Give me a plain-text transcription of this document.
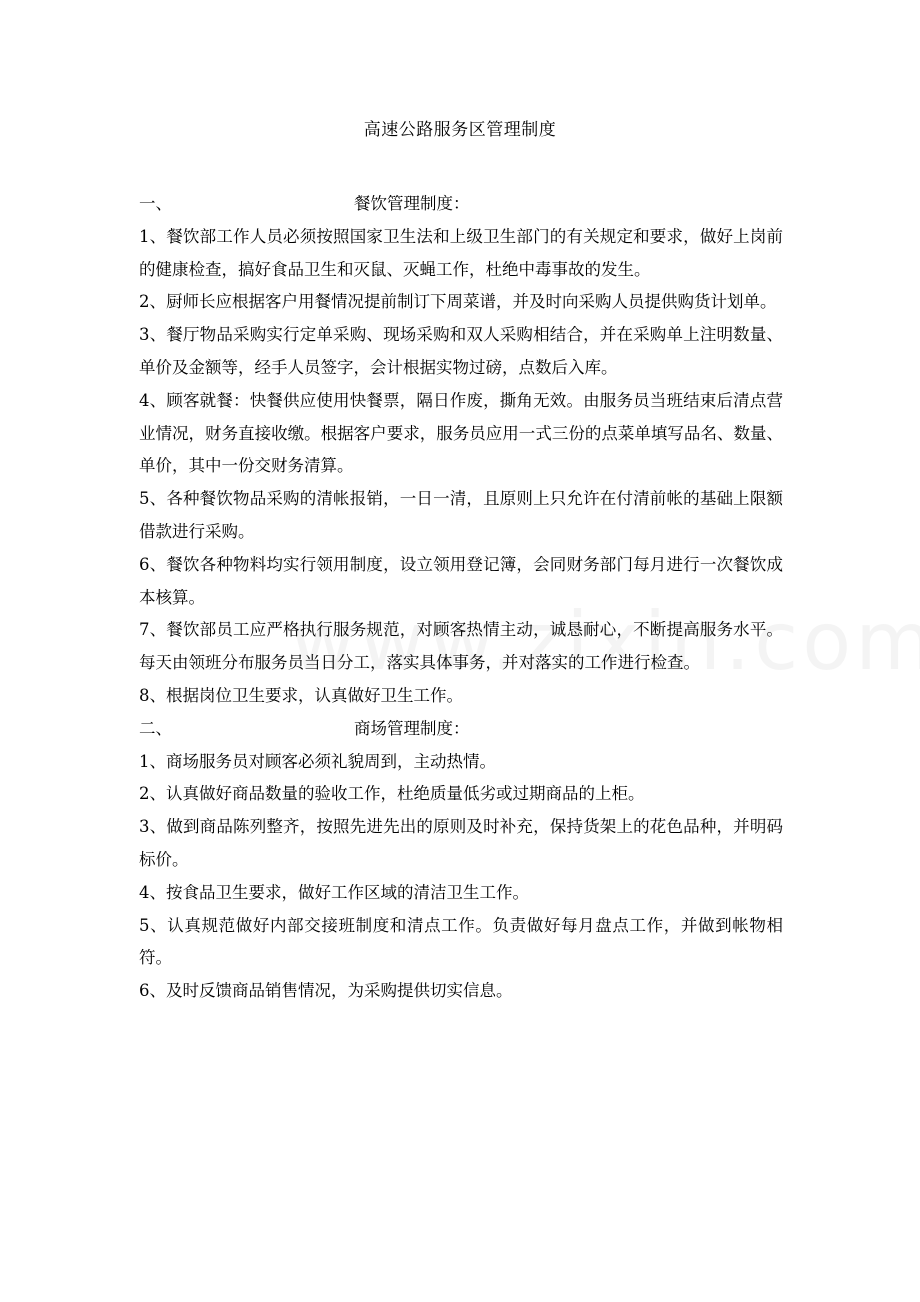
高速公路服务区管理制度
一、	餐饮管理制度：

1、餐饮部工作人员必须按照国家卫生法和上级卫生部门的有关规定和要求，做好上岗前的健康检查，搞好食品卫生和灭鼠、灭蝇工作，杜绝中毒事故的发生。

2、厨师长应根据客户用餐情况提前制订下周菜谱，并及时向采购人员提供购货计划单。

3、餐厅物品采购实行定单采购、现场采购和双人采购相结合，并在采购单上注明数量、单价及金额等，经手人员签字，会计根据实物过磅，点数后入库。

4、顾客就餐：快餐供应使用快餐票，隔日作废，撕角无效。由服务员当班结束后清点营业情况，财务直接收缴。根据客户要求，服务员应用一式三份的点菜单填写品名、数量、单价，其中一份交财务清算。

5、各种餐饮物品采购的清帐报销，一日一清，且原则上只允许在付清前帐的基础上限额借款进行采购。

6、餐饮各种物料均实行领用制度，设立领用登记簿，会同财务部门每月进行一次餐饮成本核算。

7、餐饮部员工应严格执行服务规范，对顾客热情主动，诚恳耐心，不断提高服务水平。每天由领班分布服务员当日分工，落实具体事务，并对落实的工作进行检查。

8、根据岗位卫生要求，认真做好卫生工作。

二、	商场管理制度：

1、商场服务员对顾客必须礼貌周到，主动热情。

2、认真做好商品数量的验收工作，杜绝质量低劣或过期商品的上柜。

3、做到商品陈列整齐，按照先进先出的原则及时补充，保持货架上的花色品种，并明码标价。

4、按食品卫生要求，做好工作区域的清洁卫生工作。

5、认真规范做好内部交接班制度和清点工作。负责做好每月盘点工作，并做到帐物相符。

6、及时反馈商品销售情况，为采购提供切实信息。
